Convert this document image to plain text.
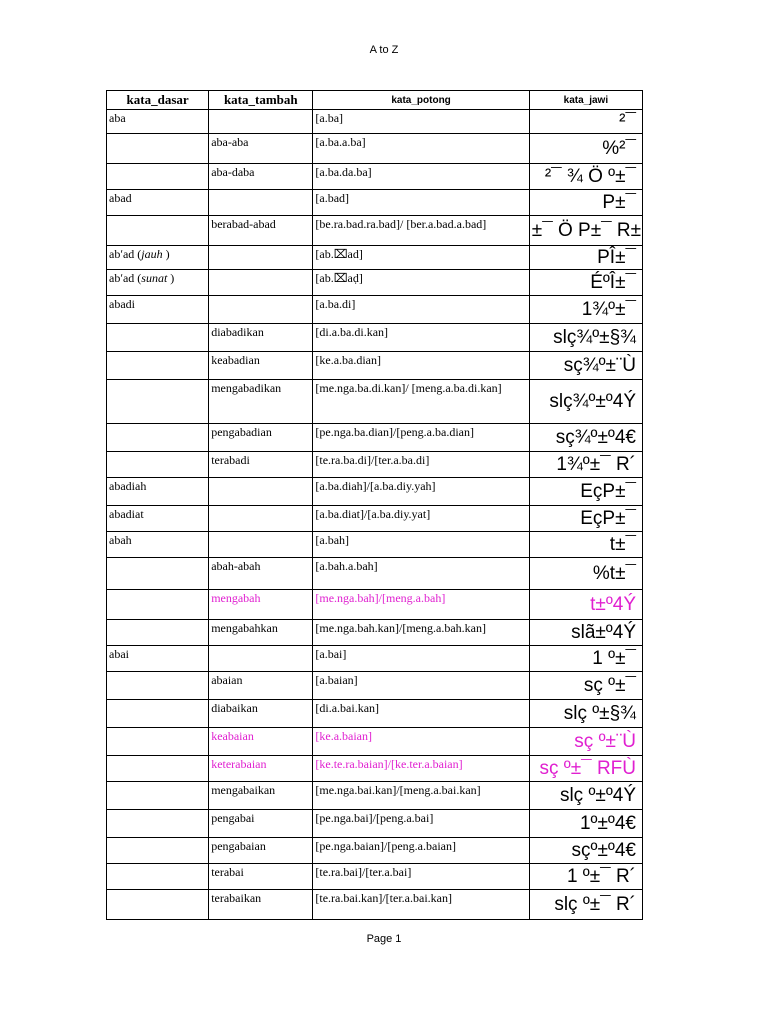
A to Z
kata_dasar	kata_tambah	kata_potong	kata_jawi
aba		[a.ba]	²¯
	aba-aba	[a.ba.a.ba]	%²¯
	aba-daba	[a.ba.da.ba]	²¯ ¾ Ö º±¯
abad		[a.bad]	P±¯
	berabad-abad	[be.ra.bad.ra.bad]/ [ber.a.bad.a.bad]	±¯ Ö P±¯ R±
abʹad (jauh )		[ab.⌧ad]	PÎ±¯
abʹad (sunat )		[ab.⌧aḍ]	ÉºÎ±¯
abadi		[a.ba.di]	1¾º±¯
	diabadikan	[di.a.ba.di.kan]	slç¾º±§¾
	keabadian	[ke.a.ba.dian]	sç¾º±¨Ù
	mengabadikan	[me.nga.ba.di.kan]/ [meng.a.ba.di.kan]	slç¾º±º4Ý
	pengabadian	[pe.nga.ba.dian]/[peng.a.ba.dian]	sç¾º±º4€
	terabadi	[te.ra.ba.di]/[ter.a.ba.di]	1¾º±¯ R´
abadiah		[a.ba.diah]/[a.ba.diy.yah]	EçP±¯
abadiat		[a.ba.diat]/[a.ba.diy.yat]	EçP±¯
abah		[a.bah]	t±¯
	abah-abah	[a.bah.a.bah]	%t±¯
	mengabah	[me.nga.bah]/[meng.a.bah]	t±º4Ý
	mengabahkan	[me.nga.bah.kan]/[meng.a.bah.kan]	slã±º4Ý
abai		[a.bai]	1 º±¯
	abaian	[a.baian]	sç º±¯
	diabaikan	[di.a.bai.kan]	slç º±§¾
	keabaian	[ke.a.baian]	sç º±¨Ù
	keterabaian	[ke.te.ra.baian]/[ke.ter.a.baian]	sç º±¯ RFÙ
	mengabaikan	[me.nga.bai.kan]/[meng.a.bai.kan]	slç º±º4Ý
	pengabai	[pe.nga.bai]/[peng.a.bai]	1º±º4€
	pengabaian	[pe.nga.baian]/[peng.a.baian]	sçº±º4€
	terabai	[te.ra.bai]/[ter.a.bai]	1 º±¯ R´
	terabaikan	[te.ra.bai.kan]/[ter.a.bai.kan]	slç º±¯ R´
Page 1
